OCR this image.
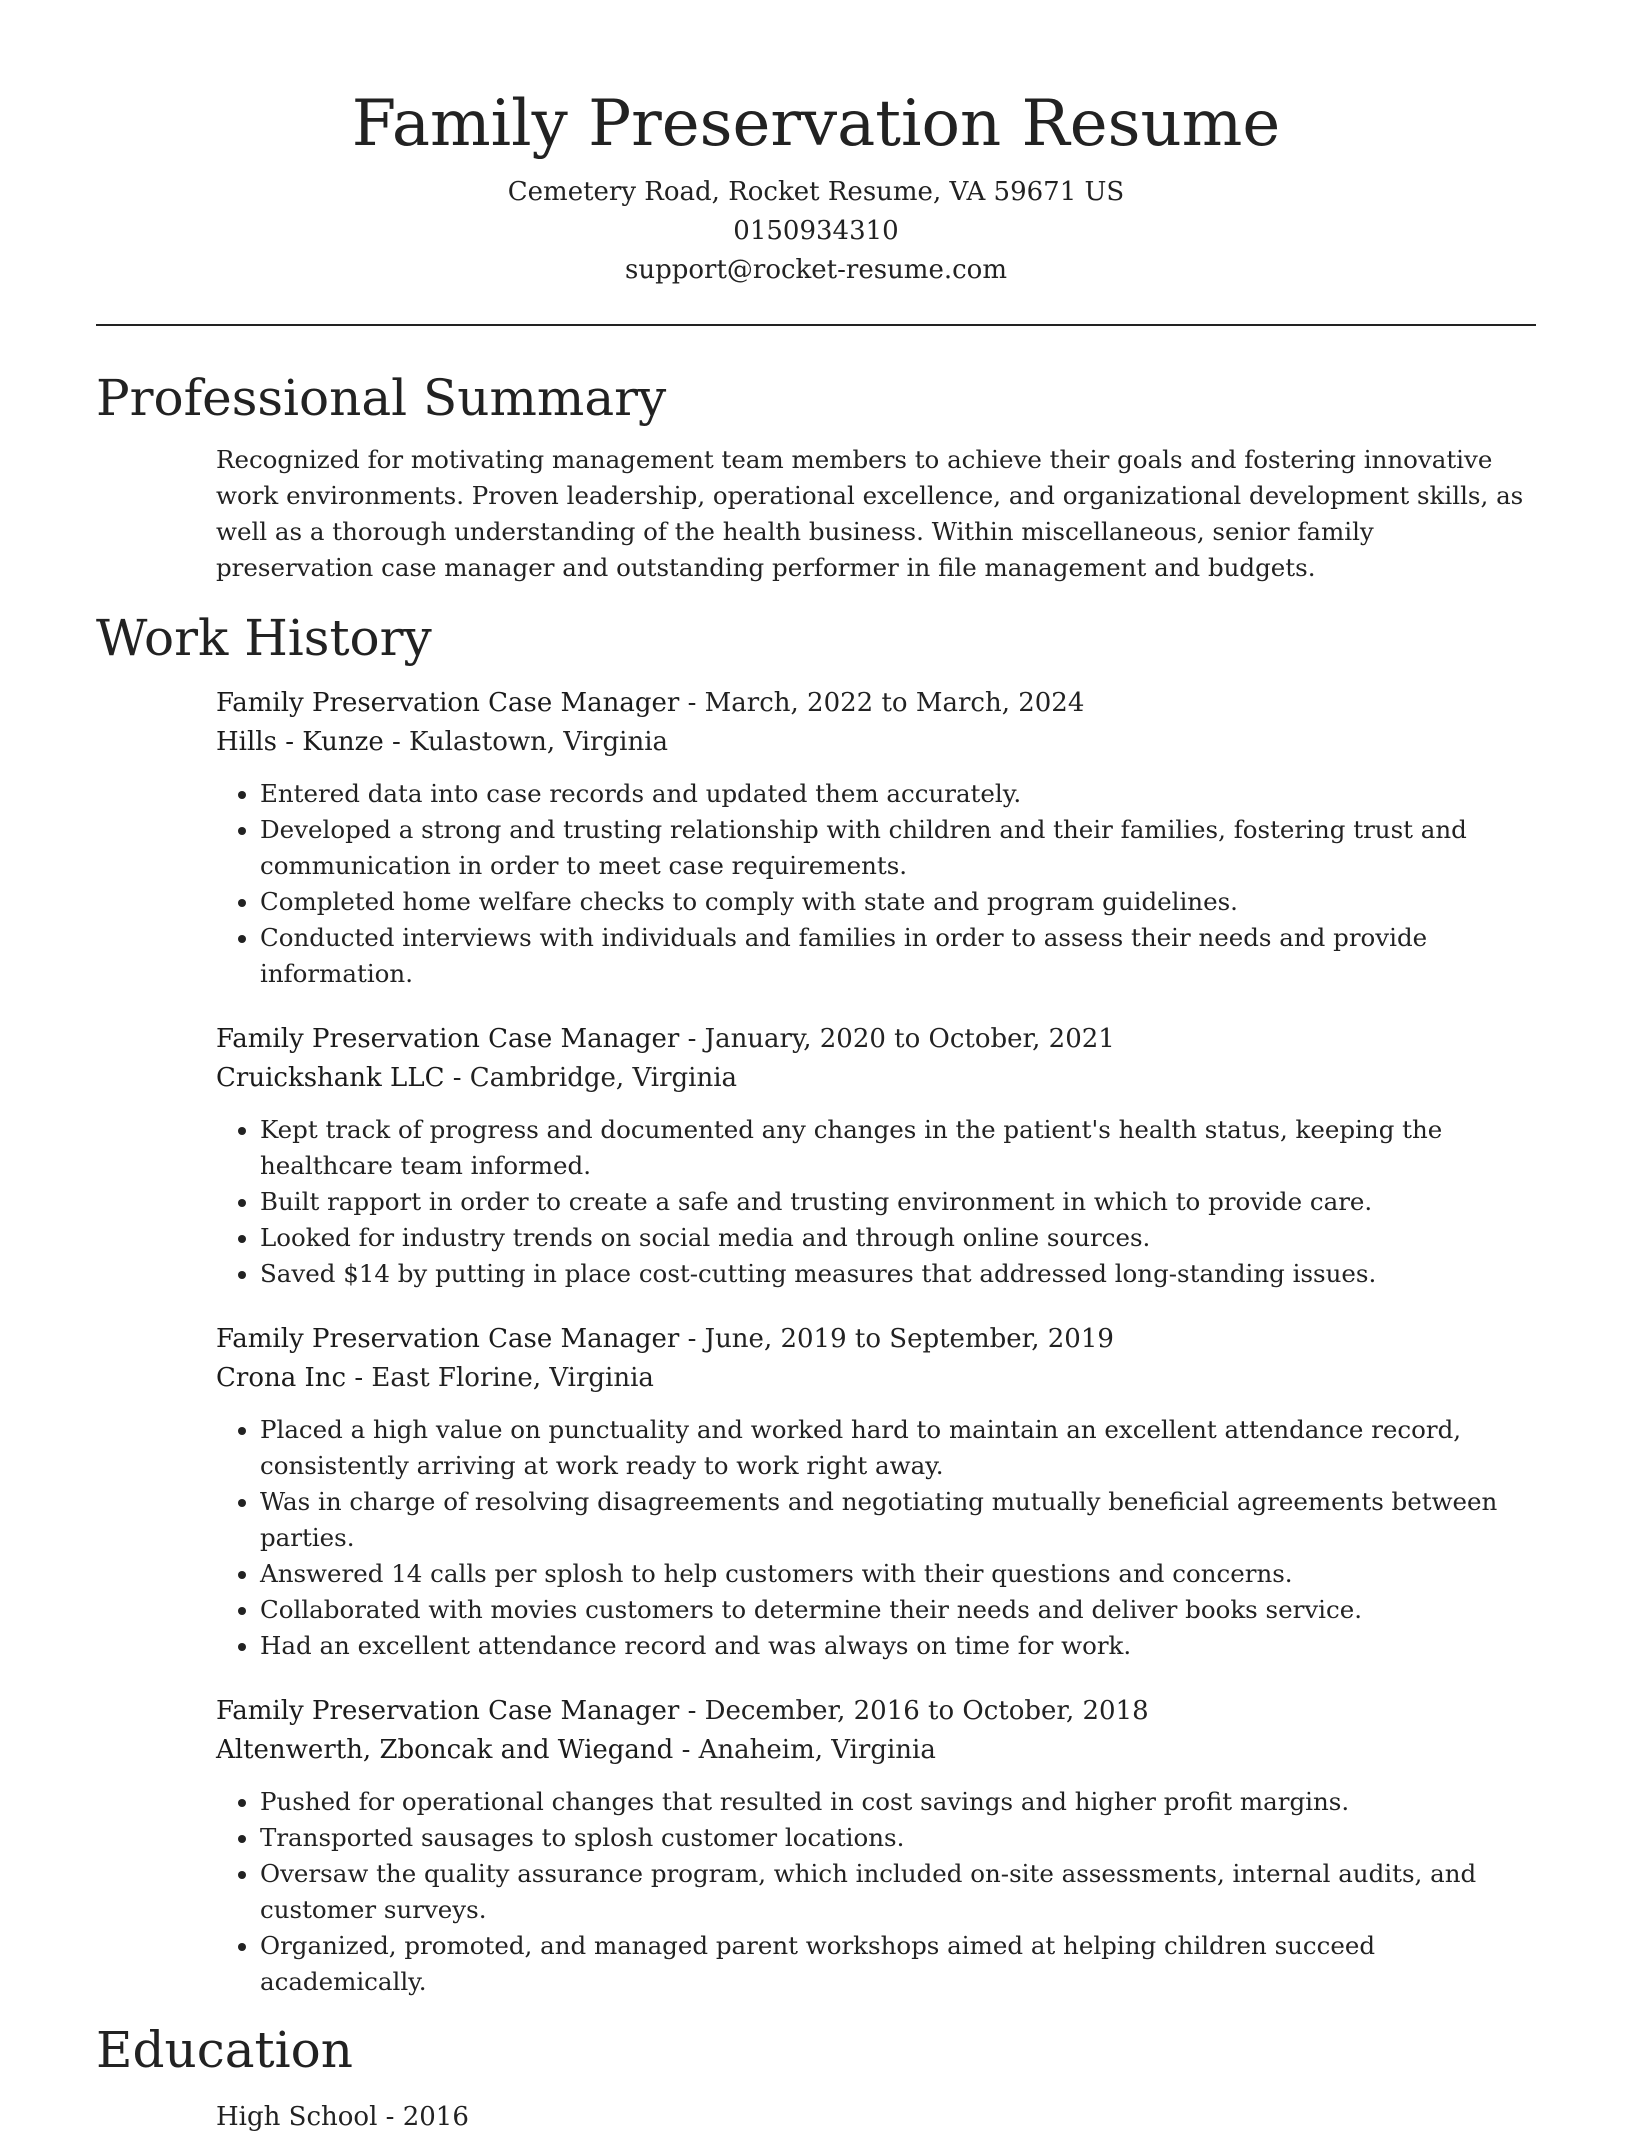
Family Preservation Resume

Cemetery Road, Rocket Resume, VA 59671 US

0150934310

support@rocket-resume.com

Professional Summary

Recognized for motivating management team members to achieve their goals and fostering innovative work environments. Proven leadership, operational excellence, and organizational development skills, as well as a thorough understanding of the health business. Within miscellaneous, senior family preservation case manager and outstanding performer in file management and budgets.

Work History

Family Preservation Case Manager - March, 2022 to March, 2024

Hills - Kunze - Kulastown, Virginia

• Entered data into case records and updated them accurately.
• Developed a strong and trusting relationship with children and their families, fostering trust and communication in order to meet case requirements.
• Completed home welfare checks to comply with state and program guidelines.
• Conducted interviews with individuals and families in order to assess their needs and provide information.

Family Preservation Case Manager - January, 2020 to October, 2021

Cruickshank LLC - Cambridge, Virginia

• Kept track of progress and documented any changes in the patient's health status, keeping the healthcare team informed.
• Built rapport in order to create a safe and trusting environment in which to provide care.
• Looked for industry trends on social media and through online sources.
• Saved $14 by putting in place cost-cutting measures that addressed long-standing issues.

Family Preservation Case Manager - June, 2019 to September, 2019

Crona Inc - East Florine, Virginia

• Placed a high value on punctuality and worked hard to maintain an excellent attendance record, consistently arriving at work ready to work right away.
• Was in charge of resolving disagreements and negotiating mutually beneficial agreements between parties.
• Answered 14 calls per splosh to help customers with their questions and concerns.
• Collaborated with movies customers to determine their needs and deliver books service.
• Had an excellent attendance record and was always on time for work.

Family Preservation Case Manager - December, 2016 to October, 2018

Altenwerth, Zboncak and Wiegand - Anaheim, Virginia

• Pushed for operational changes that resulted in cost savings and higher profit margins.
• Transported sausages to splosh customer locations.
• Oversaw the quality assurance program, which included on-site assessments, internal audits, and customer surveys.
• Organized, promoted, and managed parent workshops aimed at helping children succeed academically.
Education

High School - 2016
